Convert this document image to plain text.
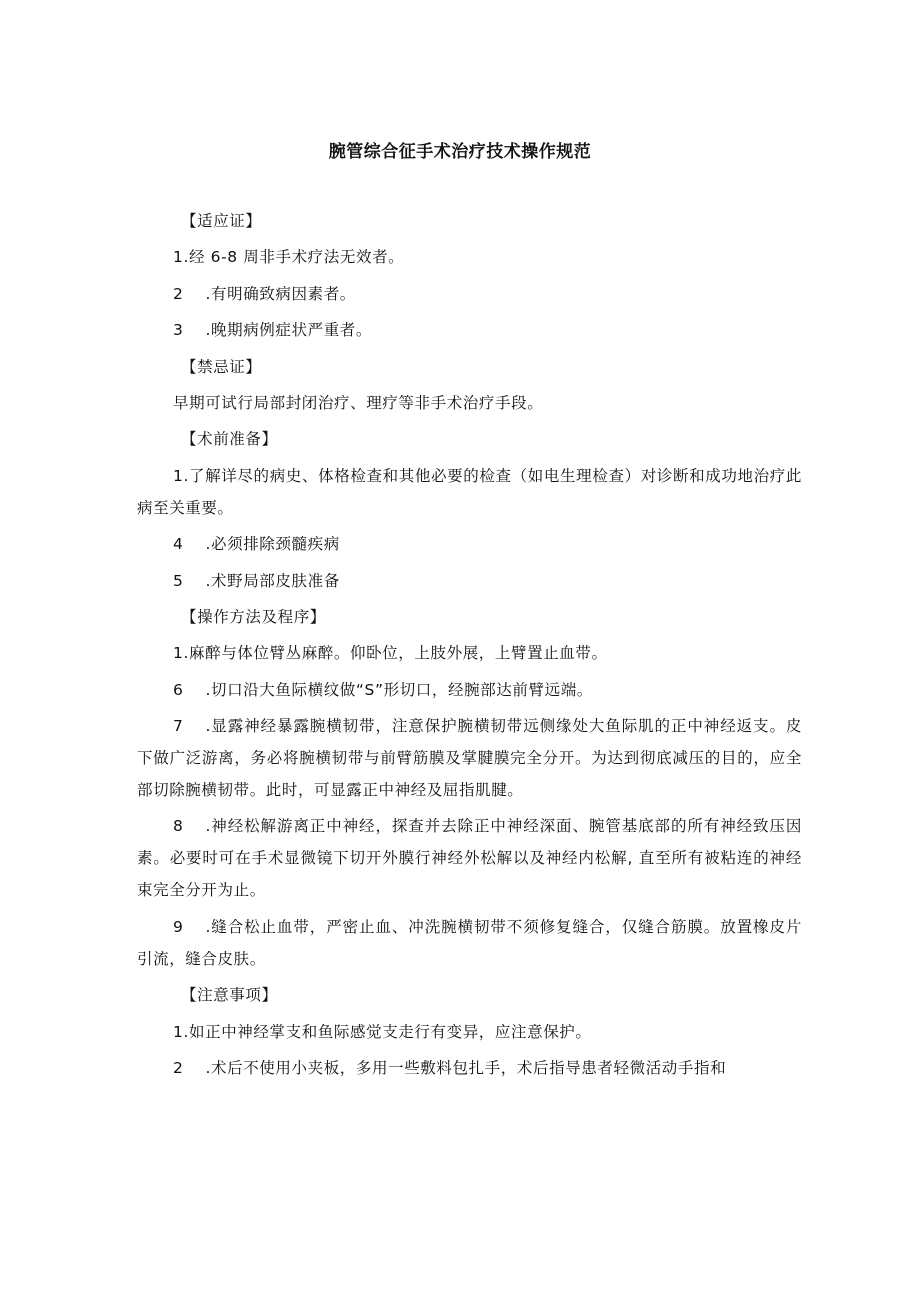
腕管综合征手术治疗技术操作规范

【适应证】

1.经 6-8 周非手术疗法无效者。

2 .有明确致病因素者。

3 .晚期病例症状严重者。

【禁忌证】

早期可试行局部封闭治疗、理疗等非手术治疗手段。

【术前准备】

1.了解详尽的病史、体格检查和其他必要的检查（如电生理检查）对诊断和成功地治疗此病至关重要。

4 .必须排除颈髓疾病

5 .术野局部皮肤准备

【操作方法及程序】

1.麻醉与体位臂丛麻醉。仰卧位，上肢外展，上臂置止血带。

6 .切口沿大鱼际横纹做“S”形切口，经腕部达前臂远端。

7 .显露神经暴露腕横韧带，注意保护腕横韧带远侧缘处大鱼际肌的正中神经返支。皮下做广泛游离，务必将腕横韧带与前臂筋膜及掌腱膜完全分开。为达到彻底减压的目的，应全部切除腕横韧带。此时，可显露正中神经及屈指肌腱。

8 .神经松解游离正中神经，探查并去除正中神经深面、腕管基底部的所有神经致压因素。必要时可在手术显微镜下切开外膜行神经外松解以及神经内松解, 直至所有被粘连的神经束完全分开为止。

9 .缝合松止血带，严密止血、冲洗腕横韧带不须修复缝合，仅缝合筋膜。放置橡皮片引流，缝合皮肤。

【注意事项】

1.如正中神经掌支和鱼际感觉支走行有变异，应注意保护。

2 .术后不使用小夹板，多用一些敷料包扎手，术后指导患者轻微活动手指和
